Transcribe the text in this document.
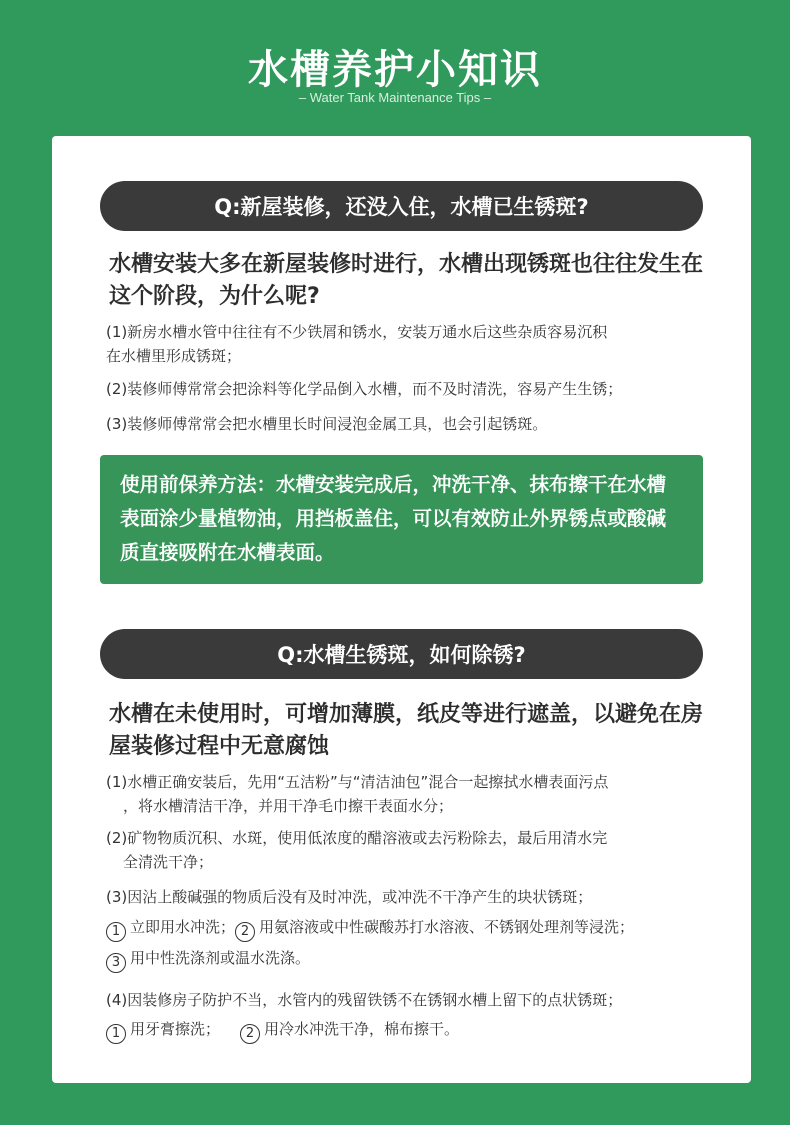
水槽养护小知识
– Water Tank Maintenance Tips –
Q:新屋装修，还没入住，水槽已生锈斑?
水槽安装大多在新屋装修时进行，水槽出现锈斑也往往发生在这个阶段，为什么呢?
(1)新房水槽水管中往往有不少铁屑和锈水，安装万通水后这些杂质容易沉积
在水槽里形成锈斑；
(2)装修师傅常常会把涂料等化学品倒入水槽，而不及时清洗，容易产生生锈；
(3)装修师傅常常会把水槽里长时间浸泡金属工具，也会引起锈斑。
使用前保养方法：水槽安装完成后，冲洗干净、抹布擦干在水槽表面涂少量植物油，用挡板盖住，可以有效防止外界锈点或酸碱质直接吸附在水槽表面。
Q:水槽生锈斑，如何除锈?
水槽在未使用时，可增加薄膜，纸皮等进行遮盖，以避免在房屋装修过程中无意腐蚀
(1)水槽正确安装后，先用“五洁粉”与“清洁油包”混合一起擦拭水槽表面污点
，将水槽清洁干净，并用干净毛巾擦干表面水分；
(2)矿物物质沉积、水斑，使用低浓度的醋溶液或去污粉除去，最后用清水完
全清洗干净；
(3)因沾上酸碱强的物质后没有及时冲洗，或冲洗不干净产生的块状锈斑；
1 立即用水冲洗； 2 用氨溶液或中性碳酸苏打水溶液、不锈钢处理剂等浸洗；
3 用中性洗涤剂或温水洗涤。
(4)因装修房子防护不当，水管内的残留铁锈不在锈钢水槽上留下的点状锈斑；
1 用牙膏擦洗； 2 用冷水冲洗干净，棉布擦干。
